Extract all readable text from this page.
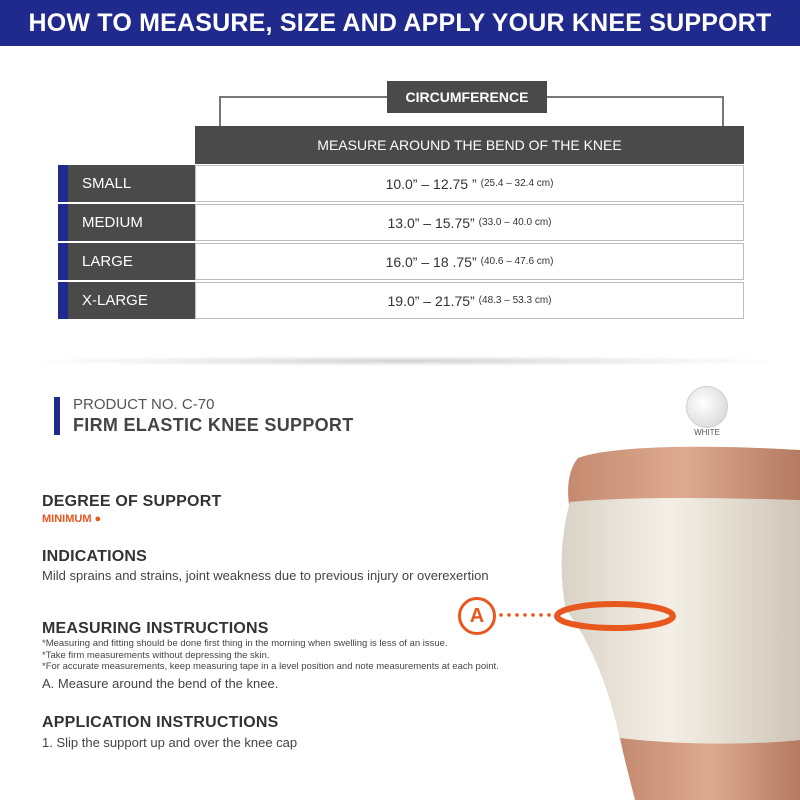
HOW TO MEASURE, SIZE AND APPLY YOUR KNEE SUPPORT
CIRCUMFERENCE
MEASURE AROUND THE BEND OF THE KNEE
SMALL	10.0” – 12.75 ” (25.4 – 32.4 cm)
MEDIUM	13.0” – 15.75” (33.0 – 40.0 cm)
LARGE	16.0” – 18 .75” (40.6 – 47.6 cm)
X-LARGE	19.0” – 21.75” (48.3 – 53.3 cm)
PRODUCT NO. C-70
FIRM ELASTIC KNEE SUPPORT	WHITE
A
DEGREE OF SUPPORT
MINIMUM ●
INDICATIONS
Mild sprains and strains, joint weakness due to previous injury or overexertion
MEASURING INSTRUCTIONS
*Measuring and fitting should be done first thing in the morning when swelling is less of an issue.
*Take firm measurements without depressing the skin.
*For accurate measurements, keep measuring tape in a level position and note measurements at each point.
A. Measure around the bend of the knee.
APPLICATION INSTRUCTIONS
1. Slip the support up and over the knee cap
